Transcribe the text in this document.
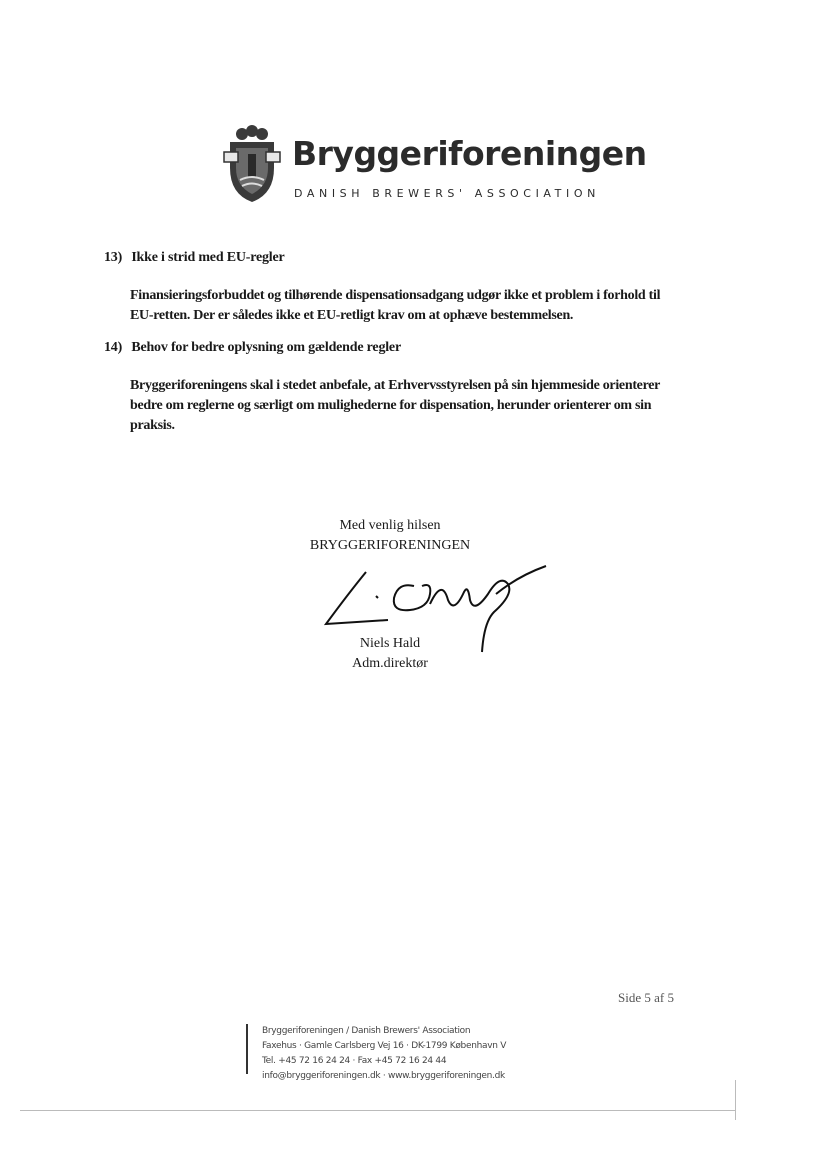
Bryggeriforeningen
DANISH BREWERS' ASSOCIATION
13) Ikke i strid med EU-regler
Finansieringsforbuddet og tilhørende dispensationsadgang udgør ikke et problem i forhold til EU-retten. Der er således ikke et EU-retligt krav om at ophæve bestemmelsen.
14) Behov for bedre oplysning om gældende regler
Bryggeriforeningens skal i stedet anbefale, at Erhvervsstyrelsen på sin hjemmeside orienterer bedre om reglerne og særligt om mulighederne for dispensation, herunder orienterer om sin praksis.
Med venlig hilsen
BRYGGERIFORENINGEN
Niels Hald
Adm.direktør
Side 5 af 5
Bryggeriforeningen / Danish Brewers' Association
Faxehus · Gamle Carlsberg Vej 16 · DK-1799 København V
Tel. +45 72 16 24 24 · Fax +45 72 16 24 44
info@bryggeriforeningen.dk · www.bryggeriforeningen.dk
